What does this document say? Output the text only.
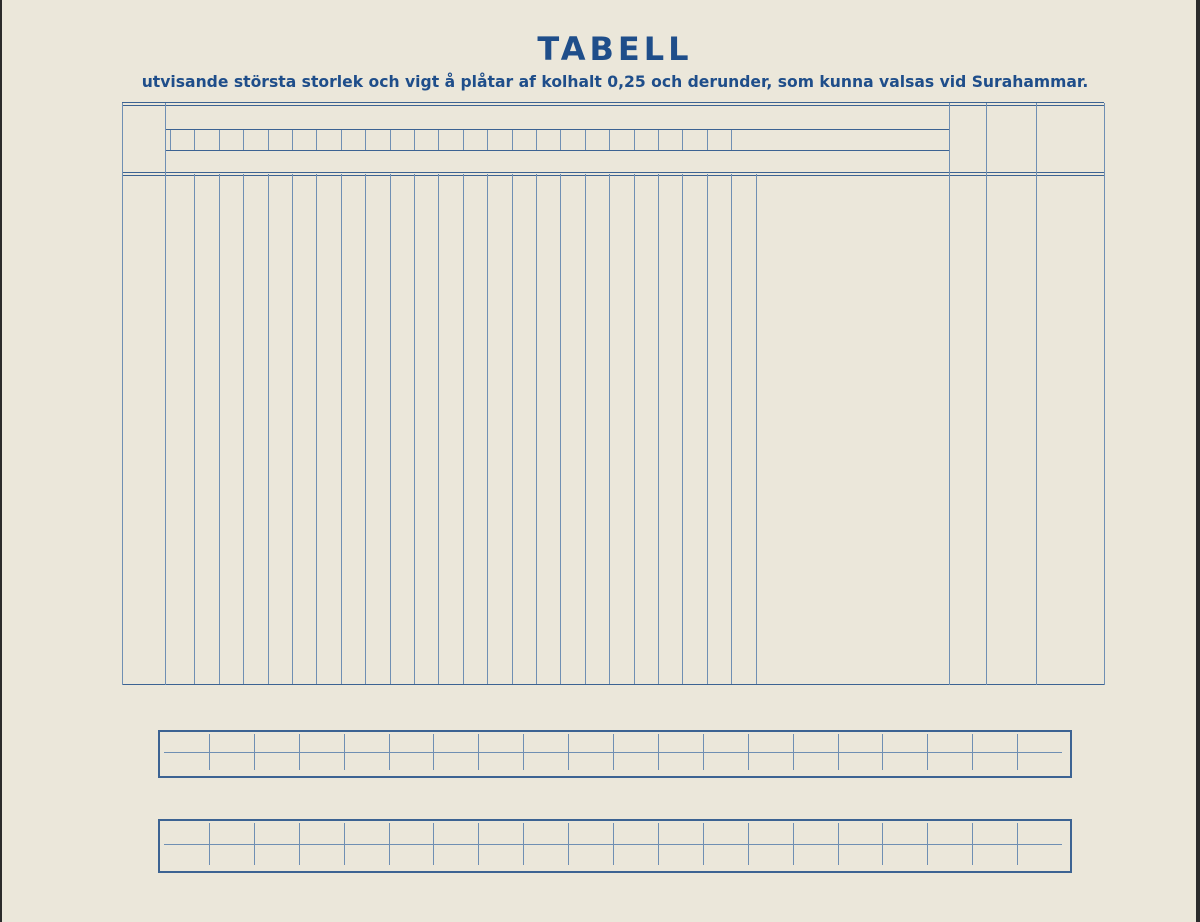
TABELL
utvisande största storlek och vigt å plåtar af kolhalt 0,25 och derunder, som kunna valsas vid Surahammar.
